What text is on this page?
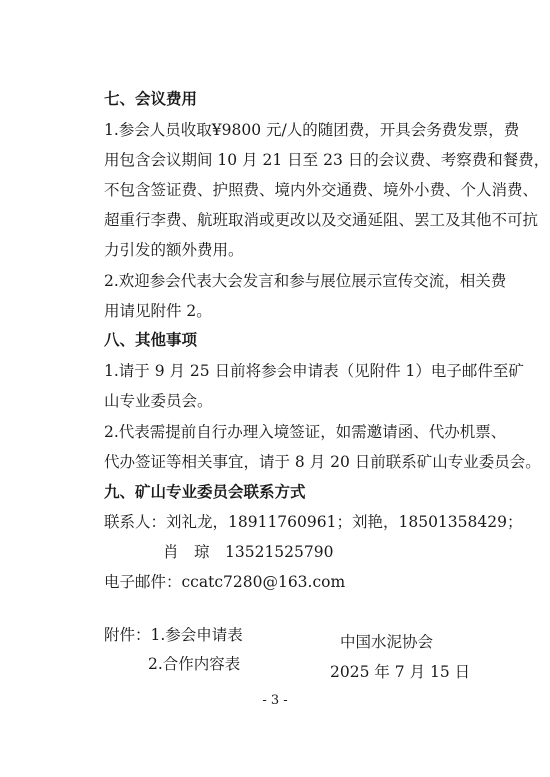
七、会议费用
1.参会人员收取¥9800 元/人的随团费，开具会务费发票，费
用包含会议期间 10 月 21 日至 23 日的会议费、考察费和餐费，
不包含签证费、护照费、境内外交通费、境外小费、个人消费、
超重行李费、航班取消或更改以及交通延阻、罢工及其他不可抗
力引发的额外费用。
2.欢迎参会代表大会发言和参与展位展示宣传交流，相关费
用请见附件 2。
八、其他事项
1.请于 9 月 25 日前将参会申请表（见附件 1）电子邮件至矿
山专业委员会。
2.代表需提前自行办理入境签证，如需邀请函、代办机票、
代办签证等相关事宜，请于 8 月 20 日前联系矿山专业委员会。
九、矿山专业委员会联系方式
联系人：刘礼龙，18911760961；刘艳，18501358429；
肖　琼　13521525790
电子邮件：ccatc7280@163.com
附件：1.参会申请表
2.合作内容表
中国水泥协会
2025 年 7 月 15 日
- 3 -
